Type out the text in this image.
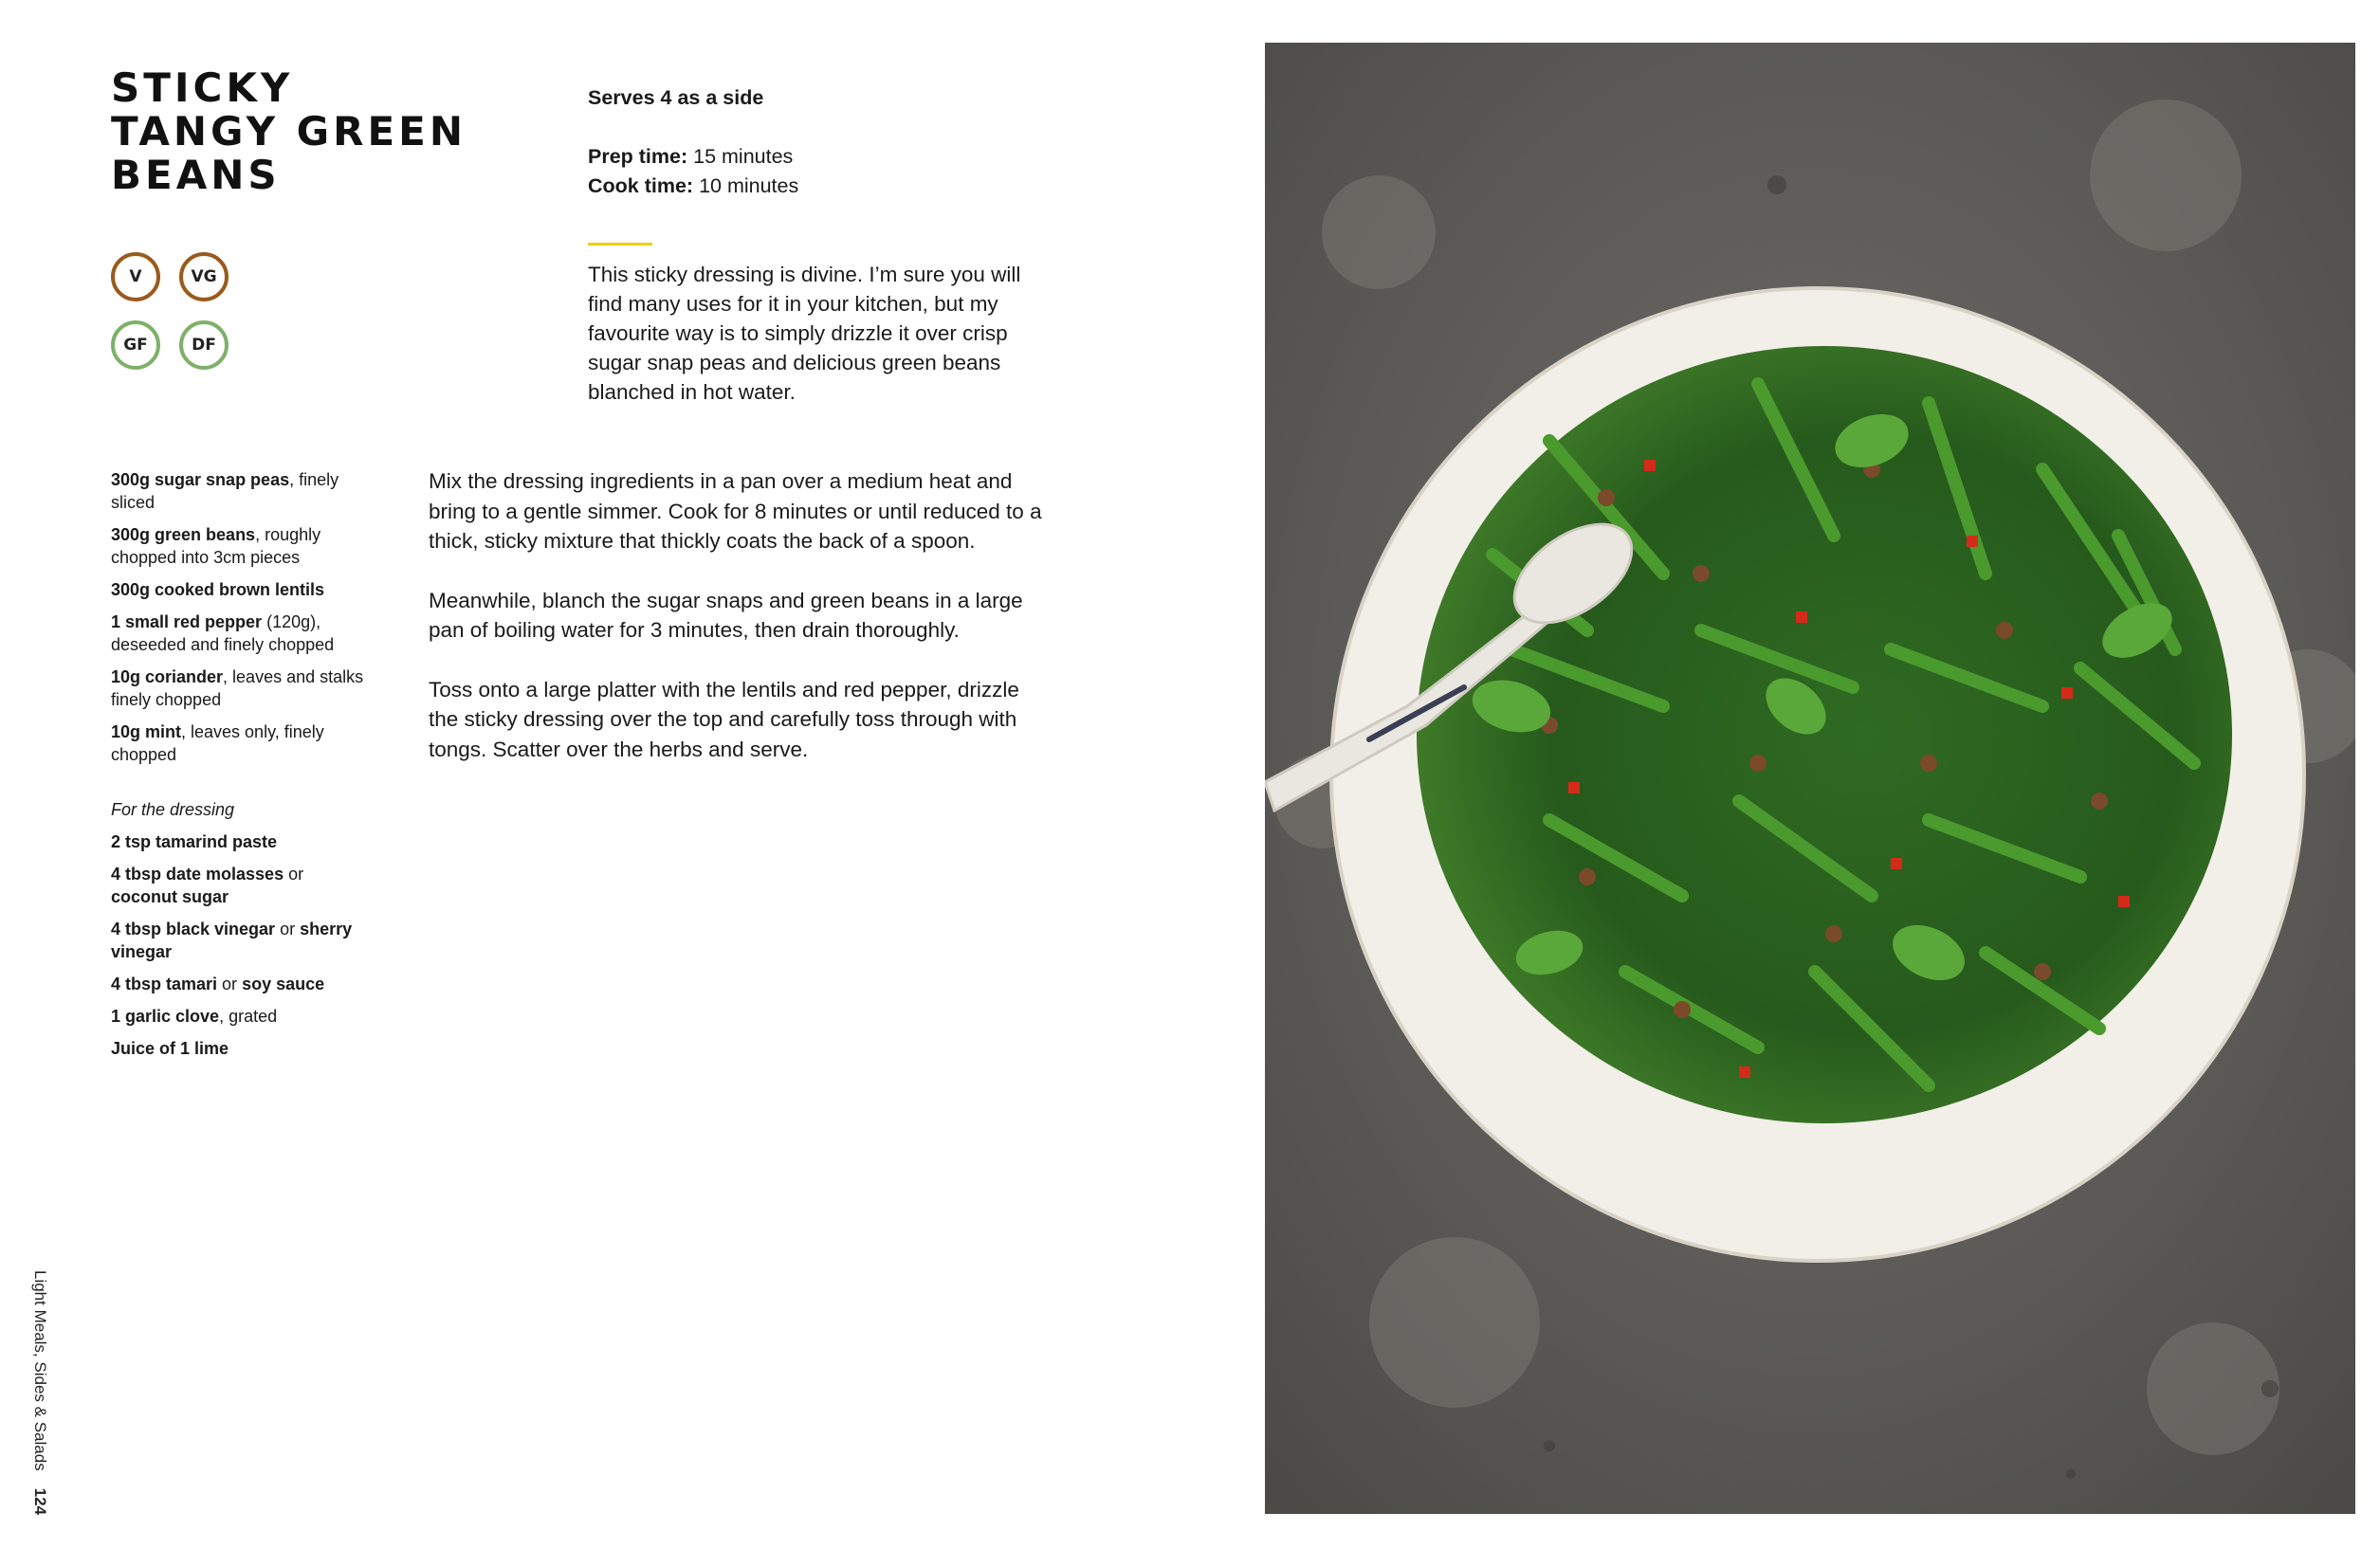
STICKY
TANGY GREEN
BEANS
V	VG
GF	DF
Serves 4 as a side
Prep time: 15 minutes
Cook time: 10 minutes

This sticky dressing is divine. I’m sure you will find many uses for it in your kitchen, but my favourite way is to simply drizzle it over crisp sugar snap peas and delicious green beans blanched in hot water.

300g sugar snap peas, finely sliced
300g green beans, roughly chopped into 3cm pieces
300g cooked brown lentils
1 small red pepper (120g), deseeded and finely chopped
10g coriander, leaves and stalks finely chopped
10g mint, leaves only, finely chopped
For the dressing
2 tsp tamarind paste
4 tbsp date molasses or coconut sugar
4 tbsp black vinegar or sherry vinegar
4 tbsp tamari or soy sauce
1 garlic clove, grated
Juice of 1 lime

Mix the dressing ingredients in a pan over a medium heat and bring to a gentle simmer. Cook for 8 minutes or until reduced to a thick, sticky mixture that thickly coats the back of a spoon.

Meanwhile, blanch the sugar snaps and green beans in a large pan of boiling water for 3 minutes, then drain thoroughly.

Toss onto a large platter with the lentils and red pepper, drizzle the sticky dressing over the top and carefully toss through with tongs. Scatter over the herbs and serve.

Light Meals, Sides & Salads124
